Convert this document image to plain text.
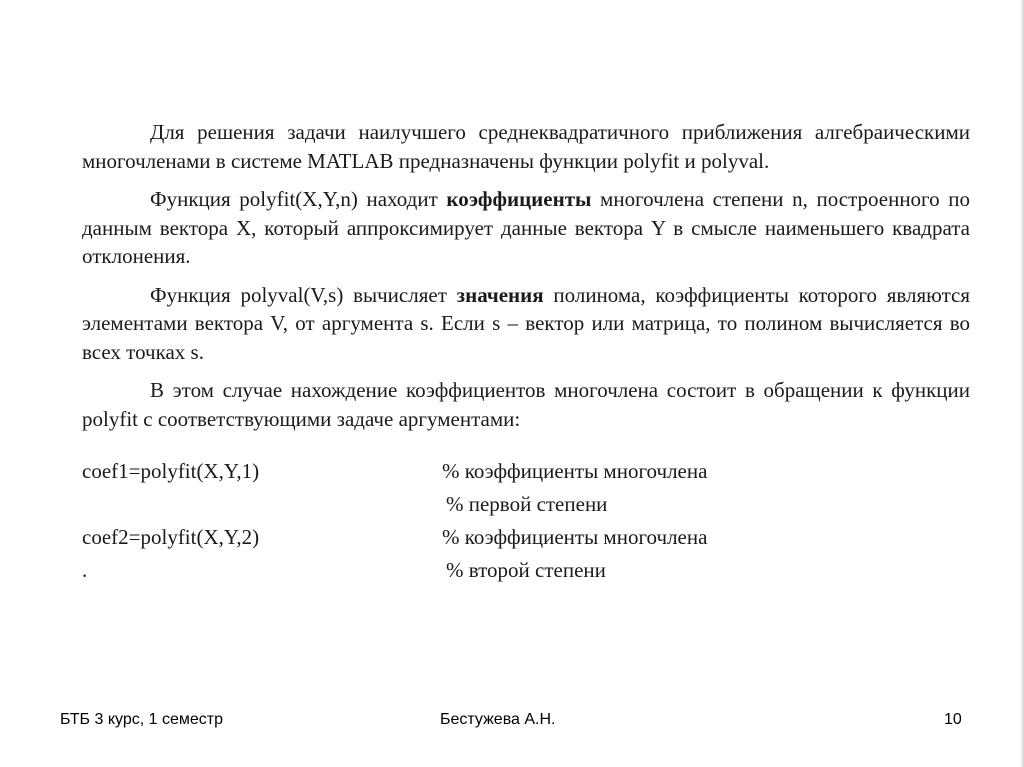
Для решения задачи наилучшего среднеквадратичного приближения алгебраическими многочленами в системе MATLAB предназначены функции polyfit и polyval.

Функция polyfit(X,Y,n) находит коэффициенты многочлена степени n, построенного по данным вектора X, который аппроксимирует данные вектора Y в смысле наименьшего квадрата отклонения.

Функция polyval(V,s) вычисляет значения полинома, коэффициенты которого являются элементами вектора V, от аргумента s. Если s – вектор или матрица, то полином вычисляется во всех точках s.

В этом случае нахождение коэффициентов многочлена состоит в обращении к функции polyfit с соответствующими задаче аргументами:

coef1=polyfit(X,Y,1)	% коэффициенты многочлена
% первой степени
coef2=polyfit(X,Y,2)	% коэффициенты многочлена
.	% второй степени
БТБ 3 курс, 1 семестр	Бестужева А.Н.	10
